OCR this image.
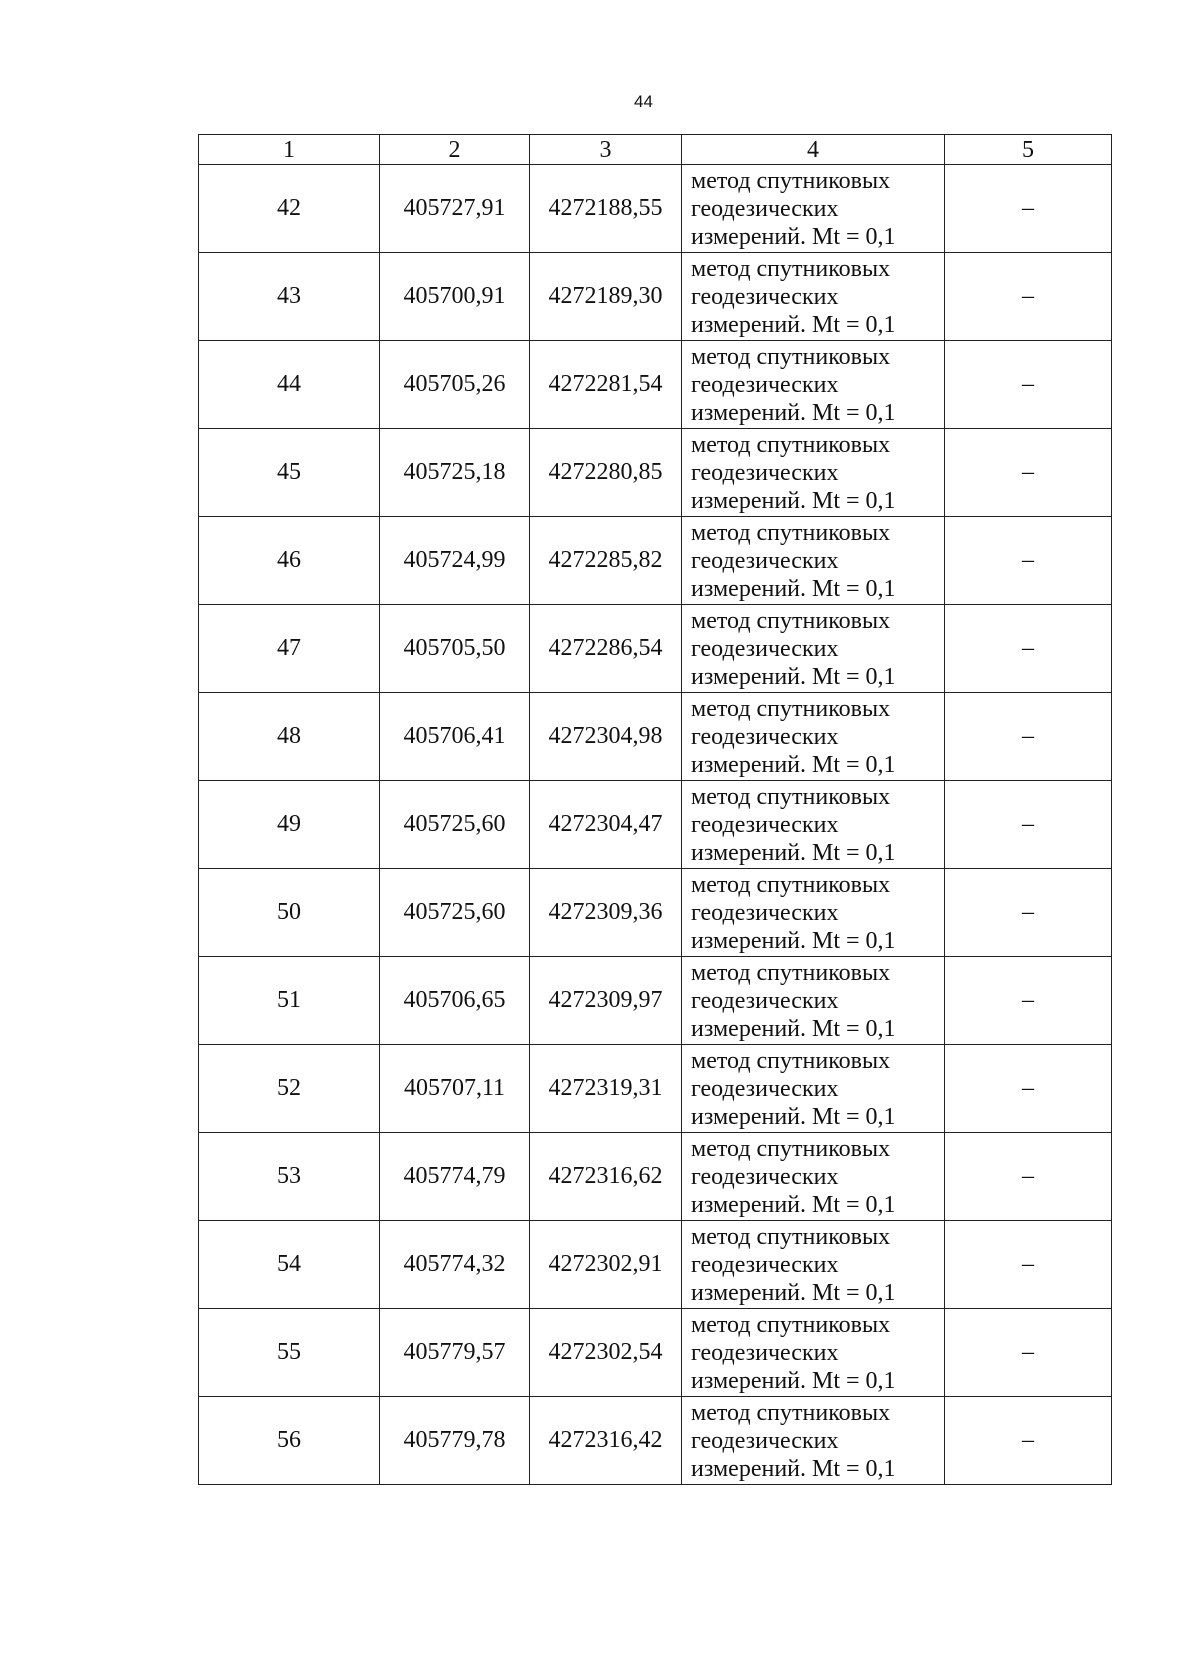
44
1	2	3	4	5
42	405727,91	4272188,55	метод спутниковых
геодезических
измерений. Mt = 0,1	–
43	405700,91	4272189,30	метод спутниковых
геодезических
измерений. Mt = 0,1	–
44	405705,26	4272281,54	метод спутниковых
геодезических
измерений. Mt = 0,1	–
45	405725,18	4272280,85	метод спутниковых
геодезических
измерений. Mt = 0,1	–
46	405724,99	4272285,82	метод спутниковых
геодезических
измерений. Mt = 0,1	–
47	405705,50	4272286,54	метод спутниковых
геодезических
измерений. Mt = 0,1	–
48	405706,41	4272304,98	метод спутниковых
геодезических
измерений. Mt = 0,1	–
49	405725,60	4272304,47	метод спутниковых
геодезических
измерений. Mt = 0,1	–
50	405725,60	4272309,36	метод спутниковых
геодезических
измерений. Mt = 0,1	–
51	405706,65	4272309,97	метод спутниковых
геодезических
измерений. Mt = 0,1	–
52	405707,11	4272319,31	метод спутниковых
геодезических
измерений. Mt = 0,1	–
53	405774,79	4272316,62	метод спутниковых
геодезических
измерений. Mt = 0,1	–
54	405774,32	4272302,91	метод спутниковых
геодезических
измерений. Mt = 0,1	–
55	405779,57	4272302,54	метод спутниковых
геодезических
измерений. Mt = 0,1	–
56	405779,78	4272316,42	метод спутниковых
геодезических
измерений. Mt = 0,1	–
